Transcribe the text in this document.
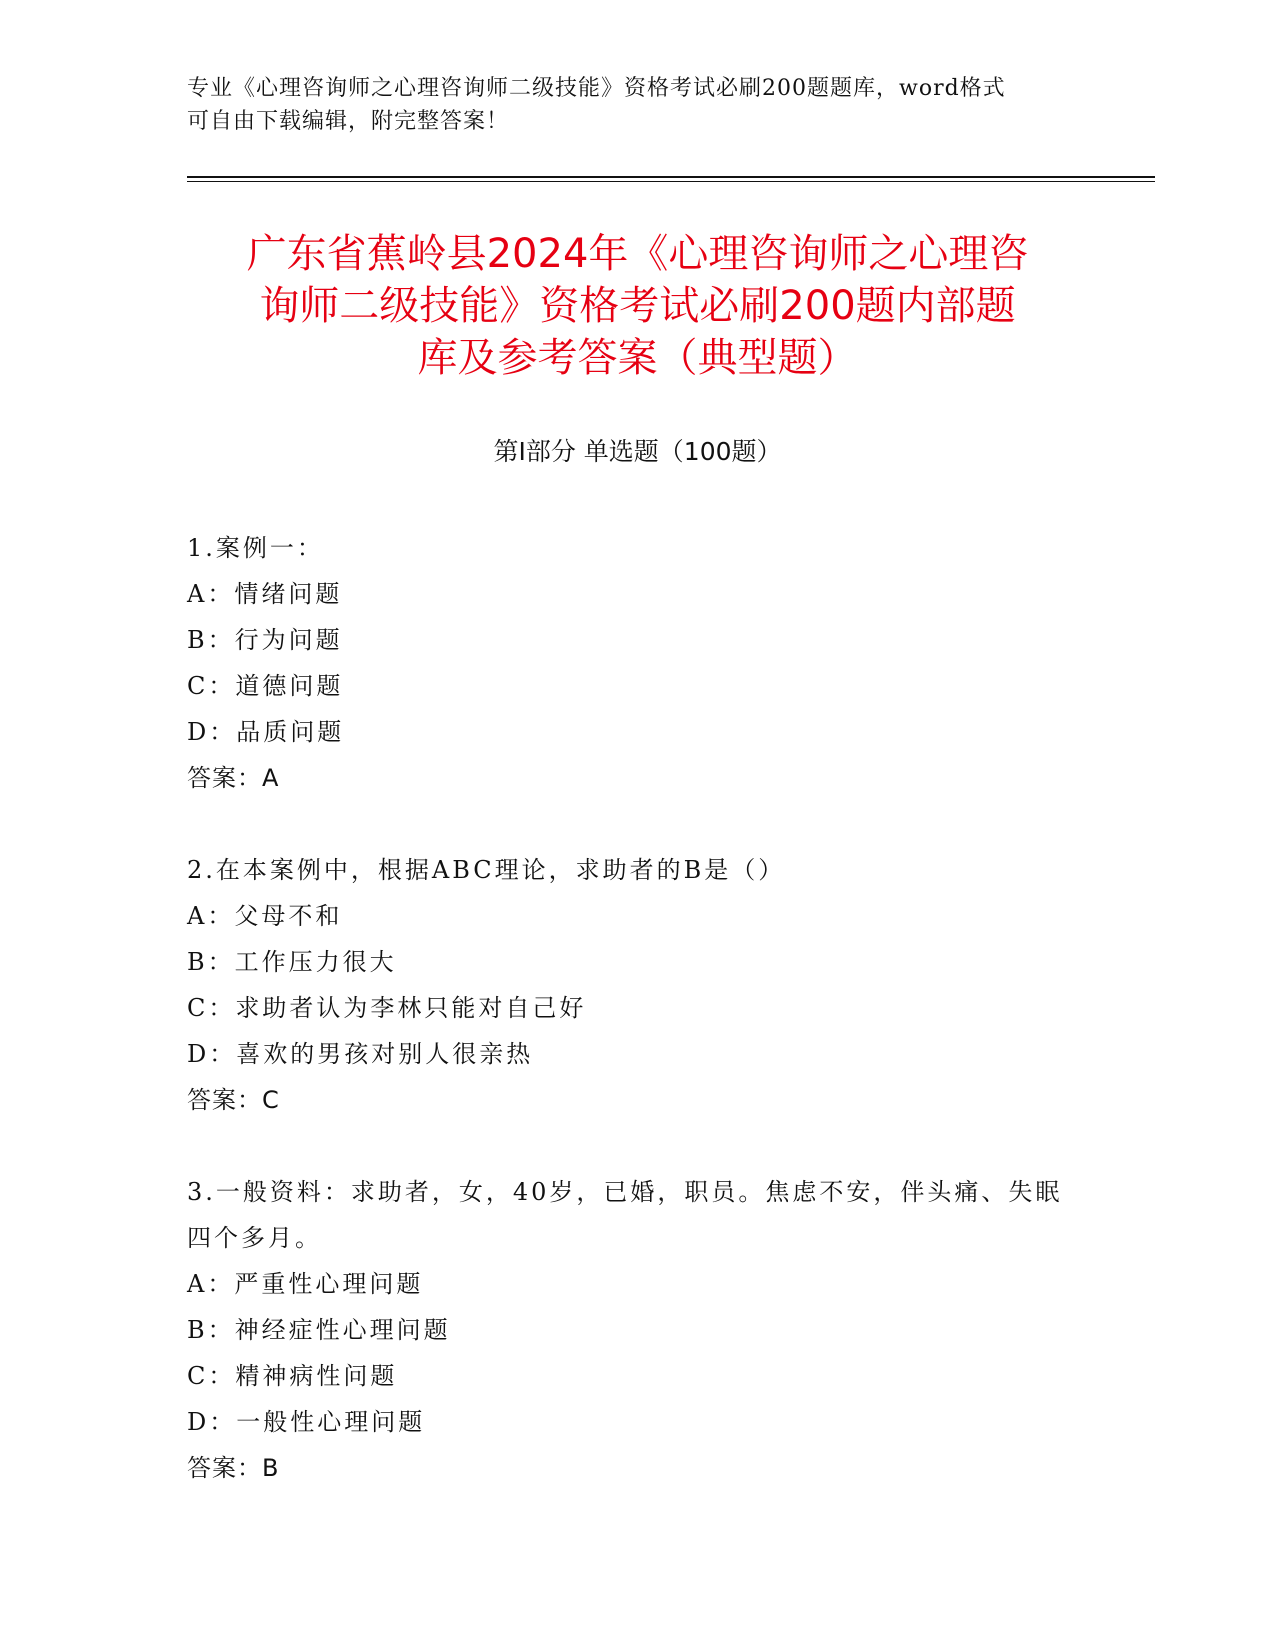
专业《心理咨询师之心理咨询师二级技能》资格考试必刷200题题库，word格式
可自由下载编辑，附完整答案！
广东省蕉岭县2024年《心理咨询师之心理咨
询师二级技能》资格考试必刷200题内部题
库及参考答案（典型题）
第Ⅰ部分 单选题（100题）
1.案例一：
A：情绪问题
B：行为问题
C：道德问题
D：品质问题
答案：A
2.在本案例中，根据ABC理论，求助者的B是（）
A：父母不和
B：工作压力很大
C：求助者认为李林只能对自己好
D：喜欢的男孩对别人很亲热
答案：C
3.一般资料：求助者，女，40岁，已婚，职员。焦虑不安，伴头痛、失眠四个多月。
A：严重性心理问题
B：神经症性心理问题
C：精神病性问题
D：一般性心理问题
答案：B
